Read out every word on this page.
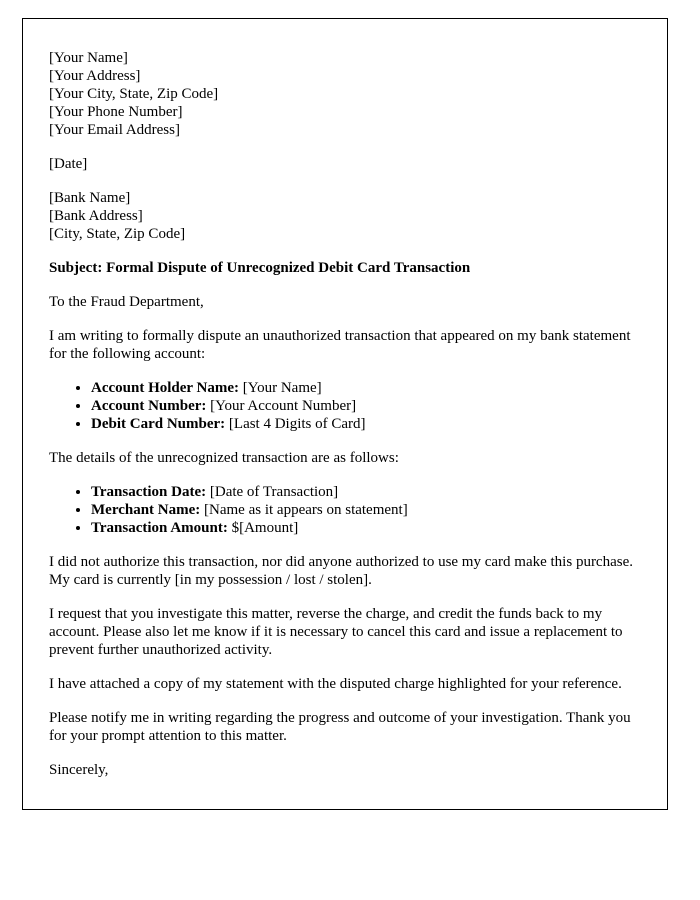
[Your Name]
[Your Address]
[Your City, State, Zip Code]
[Your Phone Number]
[Your Email Address]
[Date]
[Bank Name]
[Bank Address]
[City, State, Zip Code]
Subject: Formal Dispute of Unrecognized Debit Card Transaction

To the Fraud Department,

I am writing to formally dispute an unauthorized transaction that appeared on my bank statement for the following account:

• Account Holder Name: [Your Name]
• Account Number: [Your Account Number]
• Debit Card Number: [Last 4 Digits of Card]

The details of the unrecognized transaction are as follows:

• Transaction Date: [Date of Transaction]
• Merchant Name: [Name as it appears on statement]
• Transaction Amount: $[Amount]

I did not authorize this transaction, nor did anyone authorized to use my card make this purchase. My card is currently [in my possession / lost / stolen].

I request that you investigate this matter, reverse the charge, and credit the funds back to my account. Please also let me know if it is necessary to cancel this card and issue a replacement to prevent further unauthorized activity.

I have attached a copy of my statement with the disputed charge highlighted for your reference.

Please notify me in writing regarding the progress and outcome of your investigation. Thank you for your prompt attention to this matter.

Sincerely,
